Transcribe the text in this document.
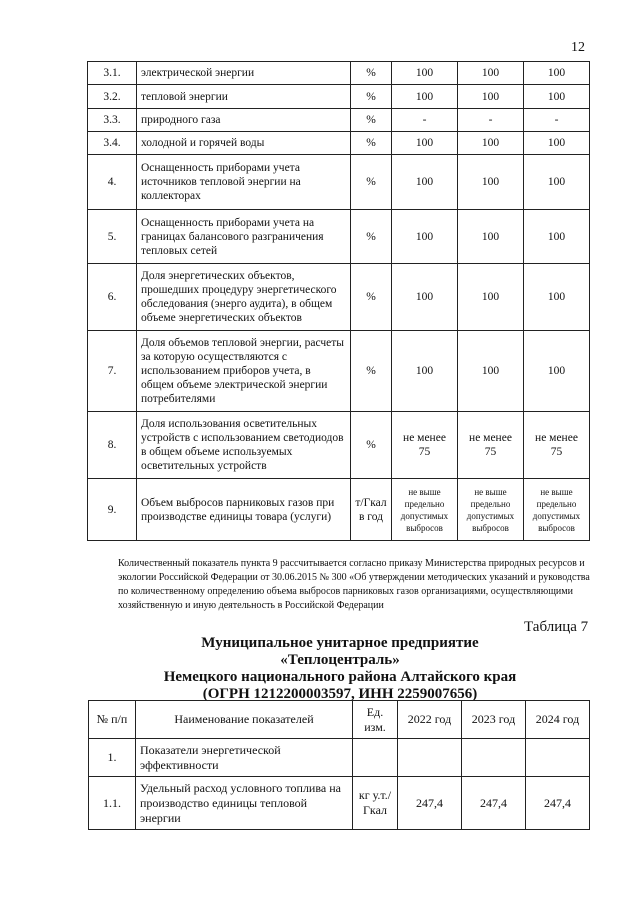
12
3.1.	электрической энергии	%	100	100	100
3.2.	тепловой энергии	%	100	100	100
3.3.	природного газа	%	-	-	-
3.4.	холодной и горячей воды	%	100	100	100
4.	Оснащенность приборами учета источников тепловой энергии на коллекторах	%	100	100	100
5.	Оснащенность приборами учета на границах балансового разграничения тепловых сетей	%	100	100	100
6.	Доля энергетических объектов, прошедших процедуру энергетического обследования (энерго аудита), в общем объеме энергетических объектов	%	100	100	100
7.	Доля объемов тепловой энергии, расчеты за которую осуществляются с использованием приборов учета, в общем объеме электрической энергии потребителями	%	100	100	100
8.	Доля использования осветительных устройств с использованием светодиодов в общем объеме используемых осветительных устройств	%	не менее 75	не менее 75	не менее 75
9.	Объем выбросов парниковых газов при производстве единицы товара (услуги)	т/Гкал в год	не выше предельно допустимых выбросов	не выше предельно допустимых выбросов	не выше предельно допустимых выбросов
Количественный показатель пункта 9 рассчитывается согласно приказу Министерства природных ресурсов и экологии Российской Федерации от 30.06.2015 № 300 «Об утверждении методических указаний и руководства по количественному определению объема выбросов парниковых газов организациями, осуществляющими хозяйственную и иную деятельность в Российской Федерации
Таблица 7
Муниципальное унитарное предприятие «Теплоцентраль»
Немецкого национального района Алтайского края
(ОГРН 1212200003597, ИНН 2259007656)
№ п/п	Наименование показателей	Ед. изм.	2022 год	2023 год	2024 год
1.	Показатели энергетической эффективности				
1.1.	Удельный расход условного топлива на производство единицы тепловой энергии	кг у.т./ Гкал	247,4	247,4	247,4
